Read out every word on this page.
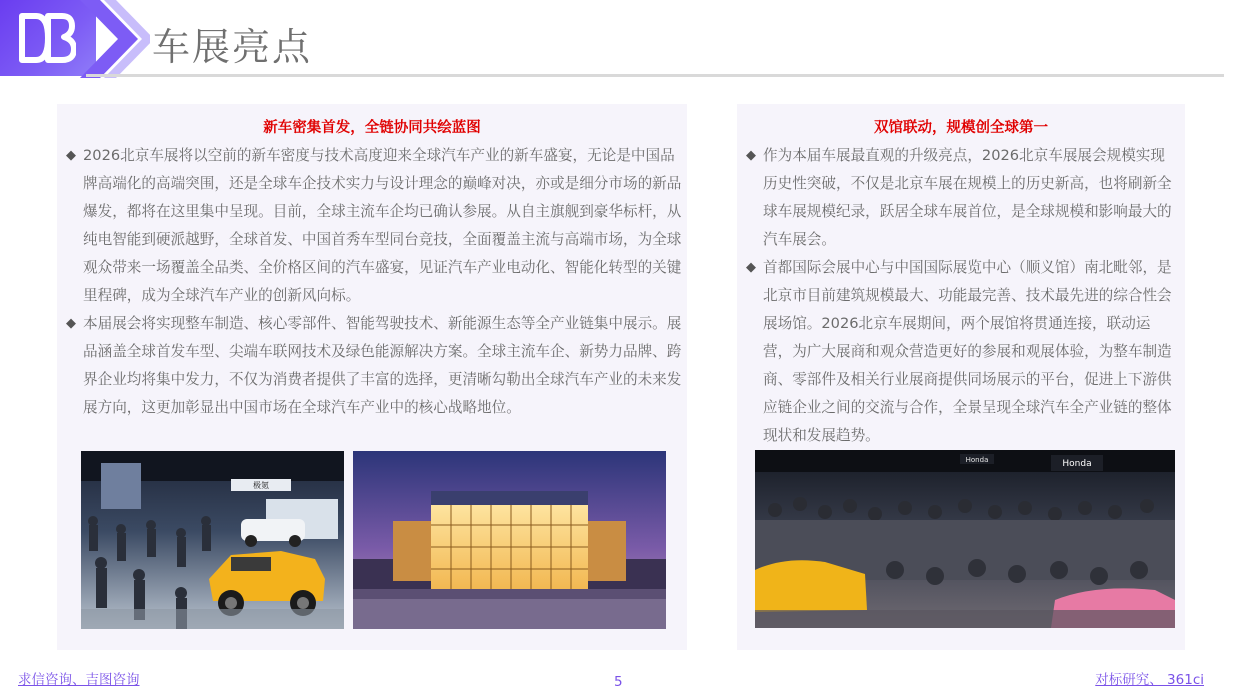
车展亮点
新车密集首发，全链协同共绘蓝图
◆ 2026北京车展将以空前的新车密度与技术高度迎来全球汽车产业的新车盛宴，无论是中国品牌高端化的高端突围，还是全球车企技术实力与设计理念的巅峰对决，亦或是细分市场的新品爆发，都将在这里集中呈现。目前，全球主流车企均已确认参展。从自主旗舰到豪华标杆，从纯电智能到硬派越野，全球首发、中国首秀车型同台竞技，全面覆盖主流与高端市场，为全球观众带来一场覆盖全品类、全价格区间的汽车盛宴，见证汽车产业电动化、智能化转型的关键里程碑，成为全球汽车产业的创新风向标。
◆ 本届展会将实现整车制造、核心零部件、智能驾驶技术、新能源生态等全产业链集中展示。展品涵盖全球首发车型、尖端车联网技术及绿色能源解决方案。全球主流车企、新势力品牌、跨界企业均将集中发力，不仅为消费者提供了丰富的选择，更清晰勾勒出全球汽车产业的未来发展方向，这更加彰显出中国市场在全球汽车产业中的核心战略地位。
极氪
双馆联动，规模创全球第一
◆ 作为本届车展最直观的升级亮点，2026北京车展展会规模实现历史性突破，不仅是北京车展在规模上的历史新高，也将刷新全球车展规模纪录，跃居全球车展首位，是全球规模和影响最大的汽车展会。
◆ 首都国际会展中心与中国国际展览中心（顺义馆）南北毗邻，是北京市目前建筑规模最大、功能最完善、技术最先进的综合性会展场馆。2026北京车展期间，两个展馆将贯通连接，联动运营，为广大展商和观众营造更好的参展和观展体验，为整车制造商、零部件及相关行业展商提供同场展示的平台，促进上下游供应链企业之间的交流与合作，全景呈现全球汽车全产业链的整体现状和发展趋势。
Honda	Honda
求信咨询、吉图咨询	5	对标研究、 361ci
